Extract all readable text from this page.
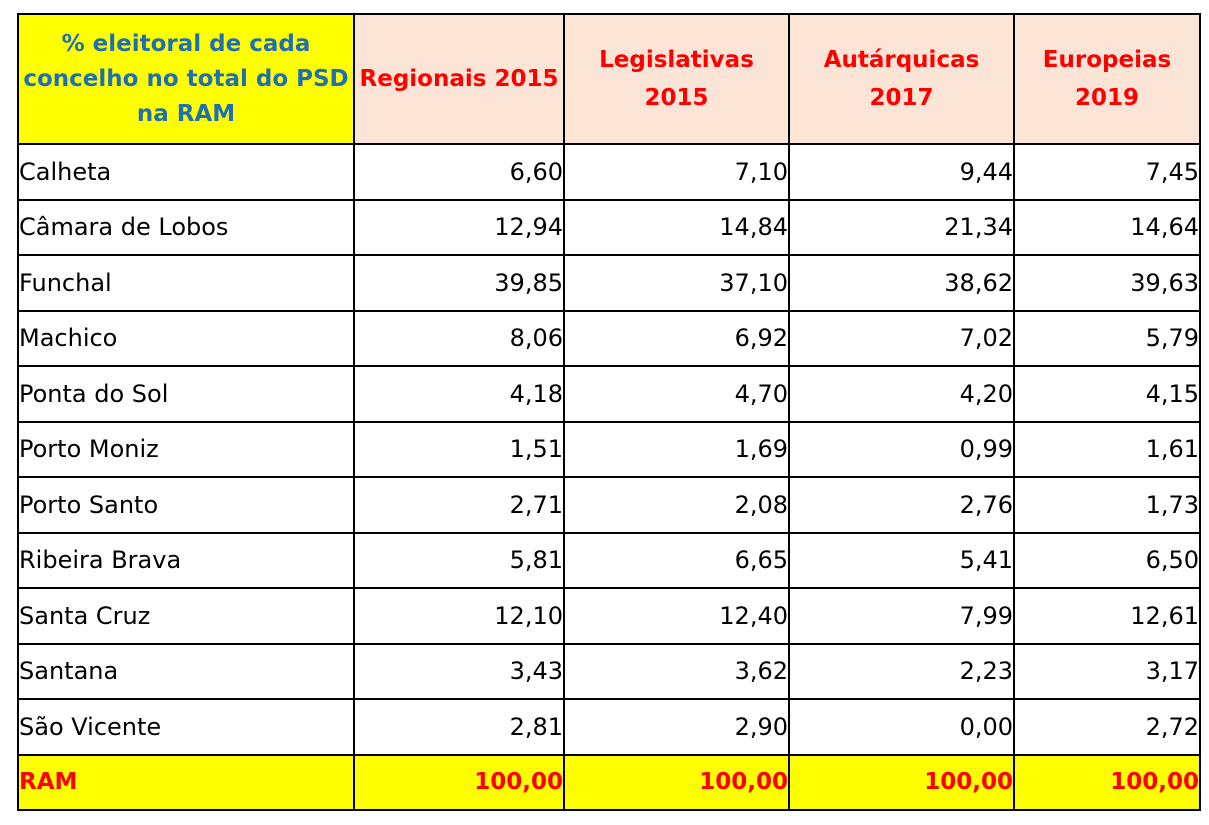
% eleitoral de cada concelho no total do PSD na RAM	Regionais 2015	Legislativas 2015	Autárquicas 2017	Europeias 2019
Calheta	6,60	7,10	9,44	7,45
Câmara de Lobos	12,94	14,84	21,34	14,64
Funchal	39,85	37,10	38,62	39,63
Machico	8,06	6,92	7,02	5,79
Ponta do Sol	4,18	4,70	4,20	4,15
Porto Moniz	1,51	1,69	0,99	1,61
Porto Santo	2,71	2,08	2,76	1,73
Ribeira Brava	5,81	6,65	5,41	6,50
Santa Cruz	12,10	12,40	7,99	12,61
Santana	3,43	3,62	2,23	3,17
São Vicente	2,81	2,90	0,00	2,72
RAM	100,00	100,00	100,00	100,00
